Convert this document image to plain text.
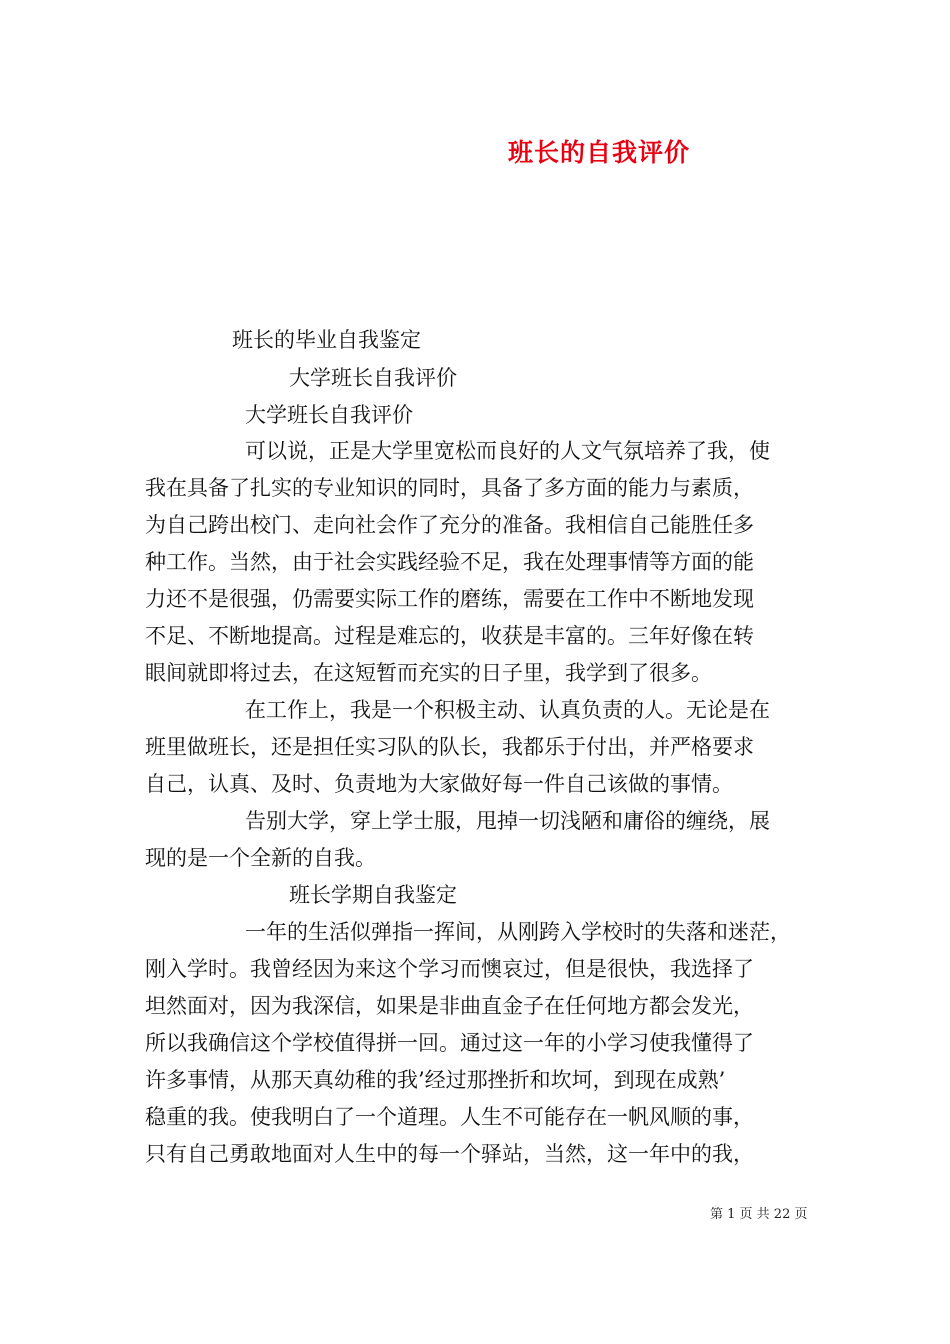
班长的自我评价
班长的毕业自我鉴定
大学班长自我评价
大学班长自我评价
可以说，正是大学里宽松而良好的人文气氛培养了我，使
我在具备了扎实的专业知识的同时，具备了多方面的能力与素质，
为自己跨出校门、走向社会作了充分的准备。我相信自己能胜任多
种工作。当然，由于社会实践经验不足，我在处理事情等方面的能
力还不是很强，仍需要实际工作的磨练，需要在工作中不断地发现
不足、不断地提高。过程是难忘的，收获是丰富的。三年好像在转
眼间就即将过去，在这短暂而充实的日子里，我学到了很多。
在工作上，我是一个积极主动、认真负责的人。无论是在
班里做班长，还是担任实习队的队长，我都乐于付出，并严格要求
自己，认真、及时、负责地为大家做好每一件自己该做的事情。
告别大学，穿上学士服，甩掉一切浅陋和庸俗的缠绕，展
现的是一个全新的自我。
班长学期自我鉴定
一年的生活似弹指一挥间，从刚跨入学校时的失落和迷茫，
刚入学时。我曾经因为来这个学习而懊哀过，但是很快，我选择了
坦然面对，因为我深信，如果是非曲直金子在任何地方都会发光，
所以我确信这个学校值得拼一回。通过这一年的小学习使我懂得了
许多事情，从那天真幼稚的我’经过那挫折和坎坷，到现在成熟’
稳重的我。使我明白了一个道理。人生不可能存在一帆风顺的事，
只有自己勇敢地面对人生中的每一个驿站，当然，这一年中的我，
第 1 页 共 22 页
